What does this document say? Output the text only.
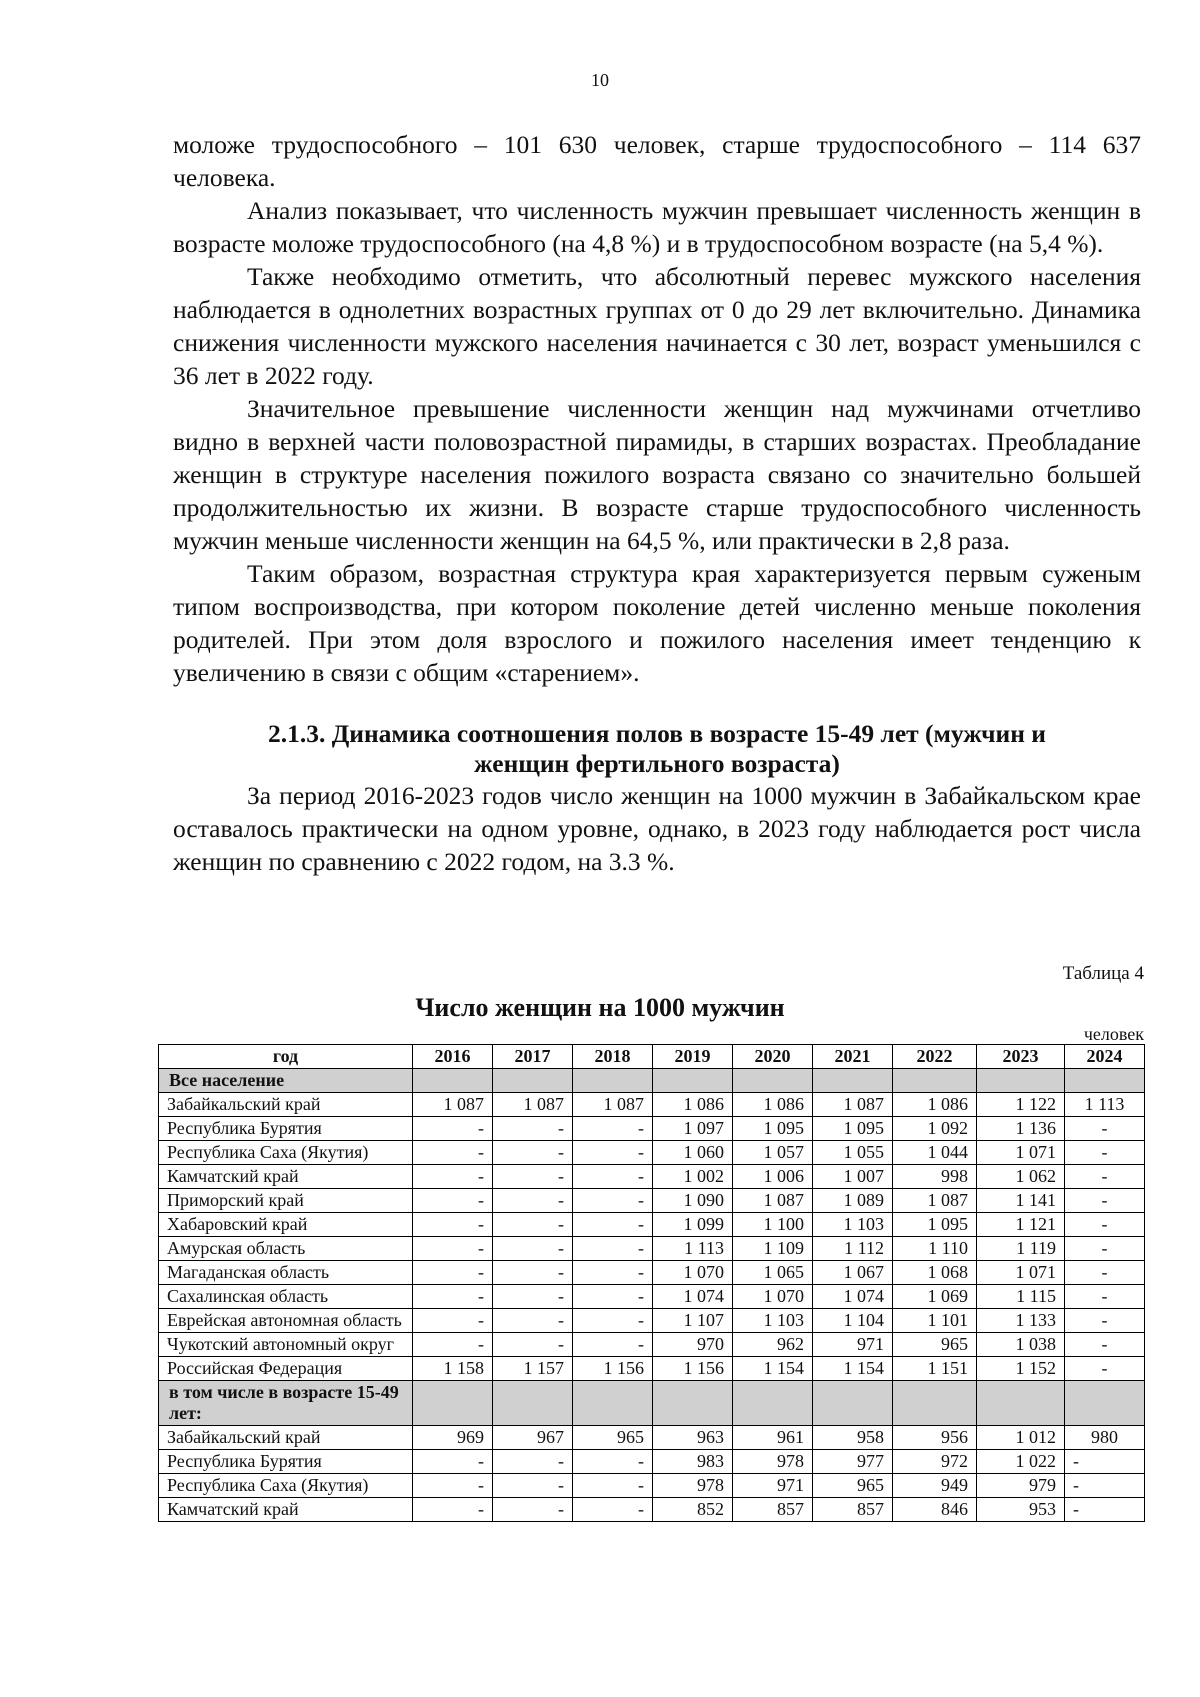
10

моложе трудоспособного – 101 630 человек, старше трудоспособного – 114 637 человека.

Анализ показывает, что численность мужчин превышает численность женщин в возрасте моложе трудоспособного (на 4,8 %) и в трудоспособном возрасте (на 5,4 %).

Также необходимо отметить, что абсолютный перевес мужского населения наблюдается в однолетних возрастных группах от 0 до 29 лет включительно. Динамика снижения численности мужского населения начинается с 30 лет, возраст уменьшился с 36 лет в 2022 году.

Значительное превышение численности женщин над мужчинами отчетливо видно в верхней части половозрастной пирамиды, в старших возрастах. Преобладание женщин в структуре населения пожилого возраста связано со значительно большей продолжительностью их жизни. В возрасте старше трудоспособного численность мужчин меньше численности женщин на 64,5 %, или практически в 2,8 раза.

Таким образом, возрастная структура края характеризуется первым суженым типом воспроизводства, при котором поколение детей численно меньше поколения родителей. При этом доля взрослого и пожилого населения имеет тенденцию к увеличению в связи с общим «старением».

2.1.3. Динамика соотношения полов в возрасте 15-49 лет (мужчин и
женщин фертильного возраста)

За период 2016-2023 годов число женщин на 1000 мужчин в Забайкальском крае оставалось практически на одном уровне, однако, в 2023 году наблюдается рост числа женщин по сравнению с 2022 годом, на 3.3 %.

Таблица 4
Число женщин на 1000 мужчин
человек
год	2016	2017	2018	2019	2020	2021	2022	2023	2024
Все население									
Забайкальский край	1 087	1 087	1 087	1 086	1 086	1 087	1 086	1 122	1 113
Республика Бурятия	-	-	-	1 097	1 095	1 095	1 092	1 136	-
Республика Саха (Якутия)	-	-	-	1 060	1 057	1 055	1 044	1 071	-
Камчатский край	-	-	-	1 002	1 006	1 007	998	1 062	-
Приморский край	-	-	-	1 090	1 087	1 089	1 087	1 141	-
Хабаровский край	-	-	-	1 099	1 100	1 103	1 095	1 121	-
Амурская область	-	-	-	1 113	1 109	1 112	1 110	1 119	-
Магаданская область	-	-	-	1 070	1 065	1 067	1 068	1 071	-
Сахалинская область	-	-	-	1 074	1 070	1 074	1 069	1 115	-
Еврейская автономная область	-	-	-	1 107	1 103	1 104	1 101	1 133	-
Чукотский автономный округ	-	-	-	970	962	971	965	1 038	-
Российская Федерация	1 158	1 157	1 156	1 156	1 154	1 154	1 151	1 152	-
в том числе в возрасте 15-49 лет:									
Забайкальский край	969	967	965	963	961	958	956	1 012	980
Республика Бурятия	-	-	-	983	978	977	972	1 022	-
Республика Саха (Якутия)	-	-	-	978	971	965	949	979	-
Камчатский край	-	-	-	852	857	857	846	953	-
